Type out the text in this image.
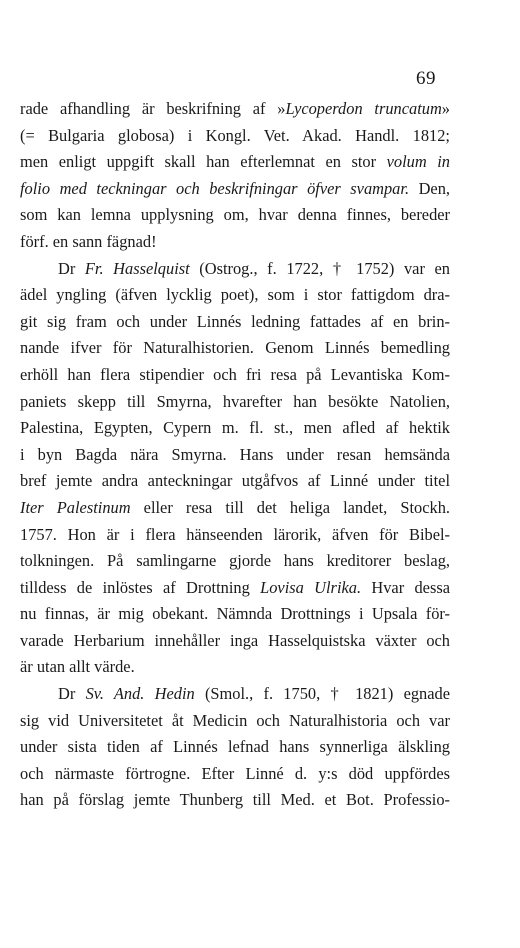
69
rade afhandling är beskrifning af »Lycoperdon truncatum»
(= Bulgaria globosa) i Kongl. Vet. Akad. Handl. 1812;
men enligt uppgift skall han efterlemnat en stor volum in
folio med teckningar och beskrifningar öfver svampar. Den,
som kan lemna upplysning om, hvar denna finnes, bereder
förf. en sann fägnad!
Dr Fr. Hasselquist (Ostrog., f. 1722, † 1752) var en
ädel yngling (äfven lycklig poet), som i stor fattigdom dra-
git sig fram och under Linnés ledning fattades af en brin-
nande ifver för Naturalhistorien. Genom Linnés bemedling
erhöll han flera stipendier och fri resa på Levantiska Kom-
paniets skepp till Smyrna, hvarefter han besökte Natolien,
Palestina, Egypten, Cypern m. fl. st., men afled af hektik
i byn Bagda nära Smyrna. Hans under resan hemsända
bref jemte andra anteckningar utgåfvos af Linné under titel
Iter Palestinum eller resa till det heliga landet, Stockh.
1757. Hon är i flera hänseenden lärorik, äfven för Bibel-
tolkningen. På samlingarne gjorde hans kreditorer beslag,
tilldess de inlöstes af Drottning Lovisa Ulrika. Hvar dessa
nu finnas, är mig obekant. Nämnda Drottnings i Upsala för-
varade Herbarium innehåller inga Hasselquistska växter och
är utan allt värde.
Dr Sv. And. Hedin (Smol., f. 1750, † 1821) egnade
sig vid Universitetet åt Medicin och Naturalhistoria och var
under sista tiden af Linnés lefnad hans synnerliga älskling
och närmaste förtrogne. Efter Linné d. y:s död uppfördes
han på förslag jemte Thunberg till Med. et Bot. Professio-
